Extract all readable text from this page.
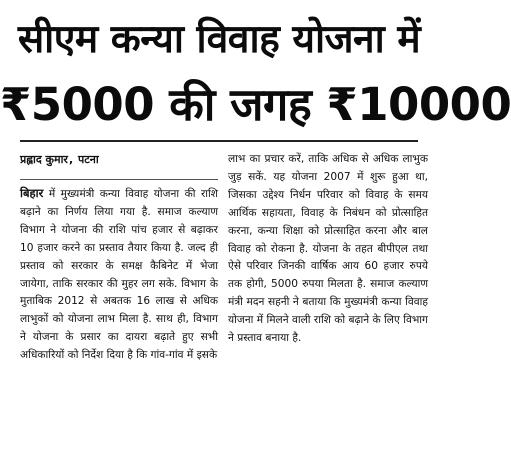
सीएम कन्या विवाह योजना में
₹5000 की जगह ₹10000
प्रह्लाद कुमार, पटना

बिहार में मुख्यमंत्री कन्या विवाह योजना की राशि बढ़ाने का निर्णय लिया गया है. समाज कल्याण विभाग ने योजना की राशि पांच हजार से बढ़ाकर 10 हजार करने का प्रस्ताव तैयार किया है. जल्द ही प्रस्ताव को सरकार के समक्ष कैबिनेट में भेजा जायेगा, ताकि सरकार की मुहर लग सके. विभाग के मुताबिक 2012 से अबतक 16 लाख से अधिक लाभुकों को योजना लाभ मिला है. साथ ही, विभाग ने योजना के प्रसार का दायरा बढ़ाते हुए सभी अधिकारियों को निर्देश दिया है कि गांव-गांव में इसके

लाभ का प्रचार करें, ताकि अधिक से अधिक लाभुक जुड़ सकें. यह योजना 2007 में शुरू हुआ था, जिसका उद्देश्य निर्धन परिवार को विवाह के समय आर्थिक सहायता, विवाह के निबंधन को प्रोत्साहित करना, कन्या शिक्षा को प्रोत्साहित करना और बाल विवाह को रोकना है. योजना के तहत बीपीएल तथा ऐसे परिवार जिनकी वार्षिक आय 60 हजार रुपये तक होगी, 5000 रुपया मिलता है. समाज कल्याण मंत्री मदन सहनी ने बताया कि मुख्यमंत्री कन्या विवाह योजना में मिलने वाली राशि को बढ़ाने के लिए विभाग ने प्रस्ताव बनाया है.
